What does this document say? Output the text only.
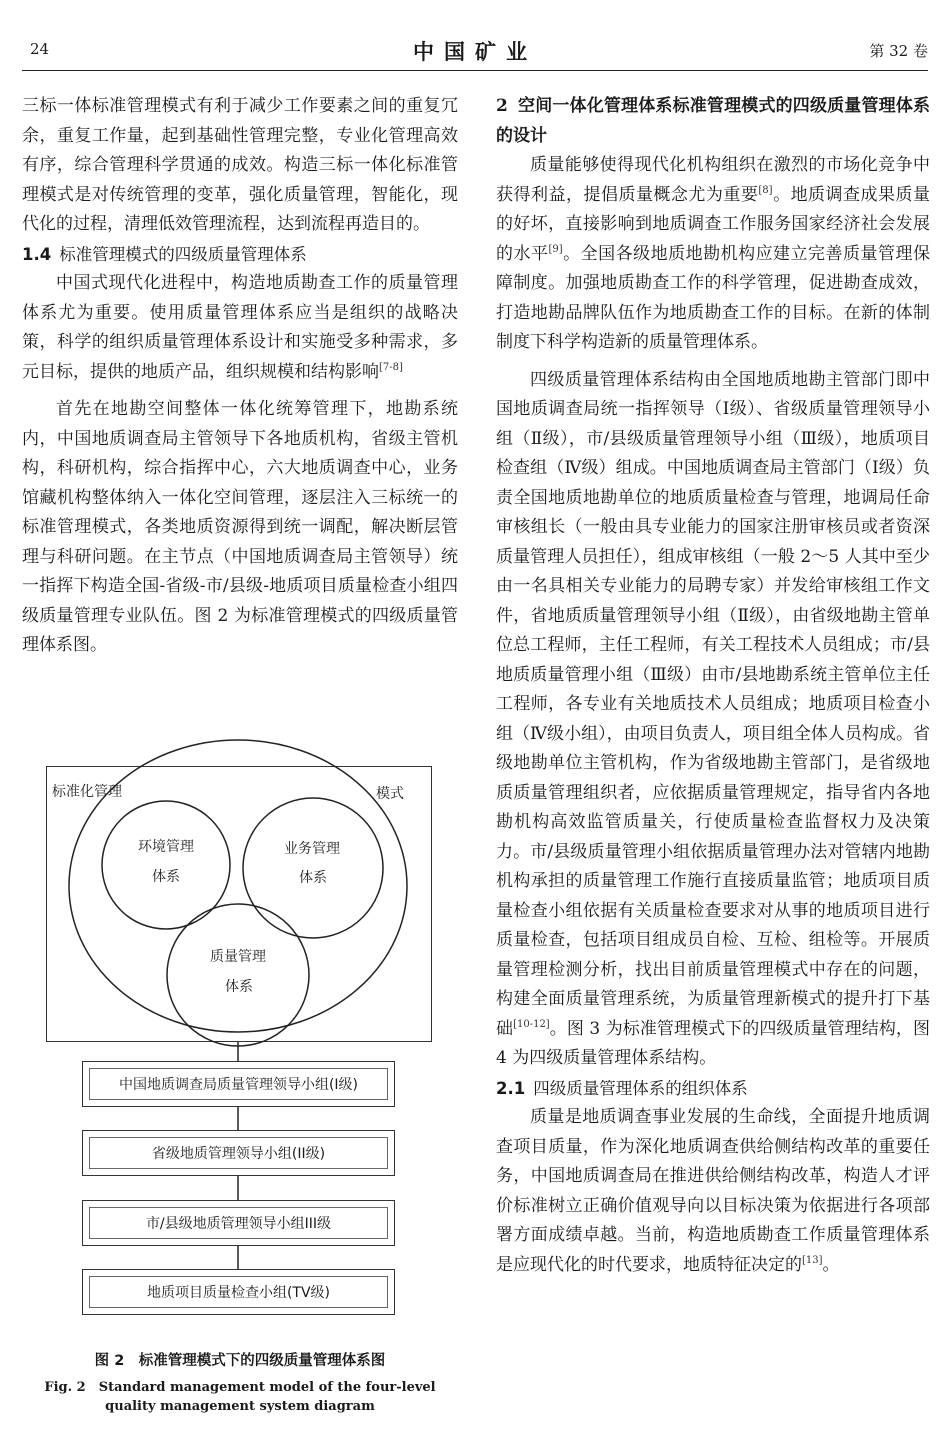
24	中国矿业	第 32 卷

三标一体标准管理模式有利于减少工作要素之间的重复冗余，重复工作量，起到基础性管理完整，专业化管理高效有序，综合管理科学贯通的成效。构造三标一体化标准管理模式是对传统管理的变革，强化质量管理，智能化，现代化的过程，清理低效管理流程，达到流程再造目的。

1.4 标准管理模式的四级质量管理体系

中国式现代化进程中，构造地质勘查工作的质量管理体系尤为重要。使用质量管理体系应当是组织的战略决策，科学的组织质量管理体系设计和实施受多种需求，多元目标，提供的地质产品，组织规模和结构影响[7-8]

首先在地勘空间整体一体化统筹管理下，地勘系统内，中国地质调查局主管领导下各地质机构，省级主管机构，科研机构，综合指挥中心，六大地质调查中心，业务馆藏机构整体纳入一体化空间管理，逐层注入三标统一的标准管理模式，各类地质资源得到统一调配，解决断层管理与科研问题。在主节点（中国地质调查局主管领导）统一指挥下构造全国-省级-市/县级-地质项目质量检查小组四级质量管理专业队伍。图 2 为标准管理模式的四级质量管理体系图。

标准化管理	模式
环境管理
体系
业务管理
体系
质量管理
体系
中国地质调查局质量管理领导小组(I级)
省级地质管理领导小组(II级)
市/县级地质管理领导小组III级
地质项目质量检查小组(TV级)
图 2　标准管理模式下的四级质量管理体系图
Fig. 2　Standard management model of the four-level
quality management system diagram

2 空间一体化管理体系标准管理模式的四级质量管理体系的设计

质量能够使得现代化机构组织在激烈的市场化竞争中获得利益，提倡质量概念尤为重要[8]。地质调查成果质量的好坏，直接影响到地质调查工作服务国家经济社会发展的水平[9]。全国各级地质地勘机构应建立完善质量管理保障制度。加强地质勘查工作的科学管理，促进勘查成效，打造地勘品牌队伍作为地质勘查工作的目标。在新的体制制度下科学构造新的质量管理体系。

四级质量管理体系结构由全国地质地勘主管部门即中国地质调查局统一指挥领导（Ⅰ级）、省级质量管理领导小组（Ⅱ级），市/县级质量管理领导小组（Ⅲ级），地质项目检查组（Ⅳ级）组成。中国地质调查局主管部门（Ⅰ级）负责全国地质地勘单位的地质质量检查与管理，地调局任命审核组长（一般由具专业能力的国家注册审核员或者资深质量管理人员担任），组成审核组（一般 2～5 人其中至少由一名具相关专业能力的局聘专家）并发给审核组工作文件，省地质质量管理领导小组（Ⅱ级），由省级地勘主管单位总工程师，主任工程师，有关工程技术人员组成；市/县地质质量管理小组（Ⅲ级）由市/县地勘系统主管单位主任工程师，各专业有关地质技术人员组成；地质项目检查小组（Ⅳ级小组），由项目负责人，项目组全体人员构成。省级地勘单位主管机构，作为省级地勘主管部门，是省级地质质量管理组织者，应依据质量管理规定，指导省内各地勘机构高效监管质量关，行使质量检查监督权力及决策力。市/县级质量管理小组依据质量管理办法对管辖内地勘机构承担的质量管理工作施行直接质量监管；地质项目质量检查小组依据有关质量检查要求对从事的地质项目进行质量检查，包括项目组成员自检、互检、组检等。开展质量管理检测分析，找出目前质量管理模式中存在的问题，构建全面质量管理系统，为质量管理新模式的提升打下基础[10-12]。图 3 为标准管理模式下的四级质量管理结构，图 4 为四级质量管理体系结构。

2.1 四级质量管理体系的组织体系

质量是地质调查事业发展的生命线，全面提升地质调查项目质量，作为深化地质调查供给侧结构改革的重要任务，中国地质调查局在推进供给侧结构改革，构造人才评价标准树立正确价值观导向以目标决策为依据进行各项部署方面成绩卓越。当前，构造地质勘查工作质量管理体系是应现代化的时代要求，地质特征决定的[13]。
